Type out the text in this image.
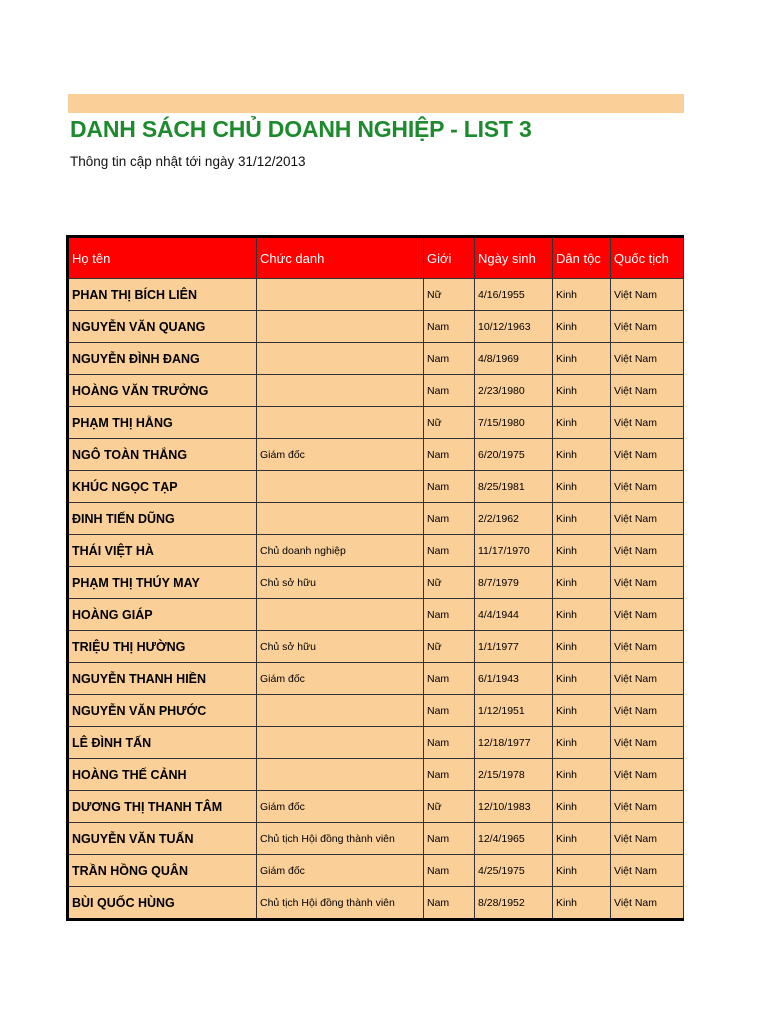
DANH SÁCH CHỦ DOANH NGHIỆP - LIST 3
Thông tin cập nhật tới ngày 31/12/2013
Họ tên	Chức danh	Giới	Ngày sinh	Dân tộc	Quốc tịch
PHAN THỊ BÍCH LIÊN		Nữ	4/16/1955	Kinh	Việt Nam
NGUYỄN VĂN QUANG		Nam	10/12/1963	Kinh	Việt Nam
NGUYỄN ĐÌNH ĐANG		Nam	4/8/1969	Kinh	Việt Nam
HOÀNG VĂN TRƯỞNG		Nam	2/23/1980	Kinh	Việt Nam
PHẠM THỊ HẰNG		Nữ	7/15/1980	Kinh	Việt Nam
NGÔ TOÀN THẮNG	Giám đốc	Nam	6/20/1975	Kinh	Việt Nam
KHÚC NGỌC TẠP		Nam	8/25/1981	Kinh	Việt Nam
ĐINH TIẾN DŨNG		Nam	2/2/1962	Kinh	Việt Nam
THÁI VIỆT HÀ	Chủ doanh nghiệp	Nam	11/17/1970	Kinh	Việt Nam
PHẠM THỊ THÚY MAY	Chủ sở hữu	Nữ	8/7/1979	Kinh	Việt Nam
HOÀNG GIÁP		Nam	4/4/1944	Kinh	Việt Nam
TRIỆU THỊ HƯỜNG	Chủ sở hữu	Nữ	1/1/1977	Kinh	Việt Nam
NGUYỄN THANH HIỀN	Giám đốc	Nam	6/1/1943	Kinh	Việt Nam
NGUYỄN VĂN PHƯỚC		Nam	1/12/1951	Kinh	Việt Nam
LÊ ĐÌNH TẤN		Nam	12/18/1977	Kinh	Việt Nam
HOÀNG THẾ CẢNH		Nam	2/15/1978	Kinh	Việt Nam
DƯƠNG THỊ THANH TÂM	Giám đốc	Nữ	12/10/1983	Kinh	Việt Nam
NGUYỄN VĂN TUẤN	Chủ tịch Hội đồng thành viên	Nam	12/4/1965	Kinh	Việt Nam
TRẦN HỒNG QUÂN	Giám đốc	Nam	4/25/1975	Kinh	Việt Nam
BÙI QUỐC HÙNG	Chủ tịch Hội đồng thành viên	Nam	8/28/1952	Kinh	Việt Nam
